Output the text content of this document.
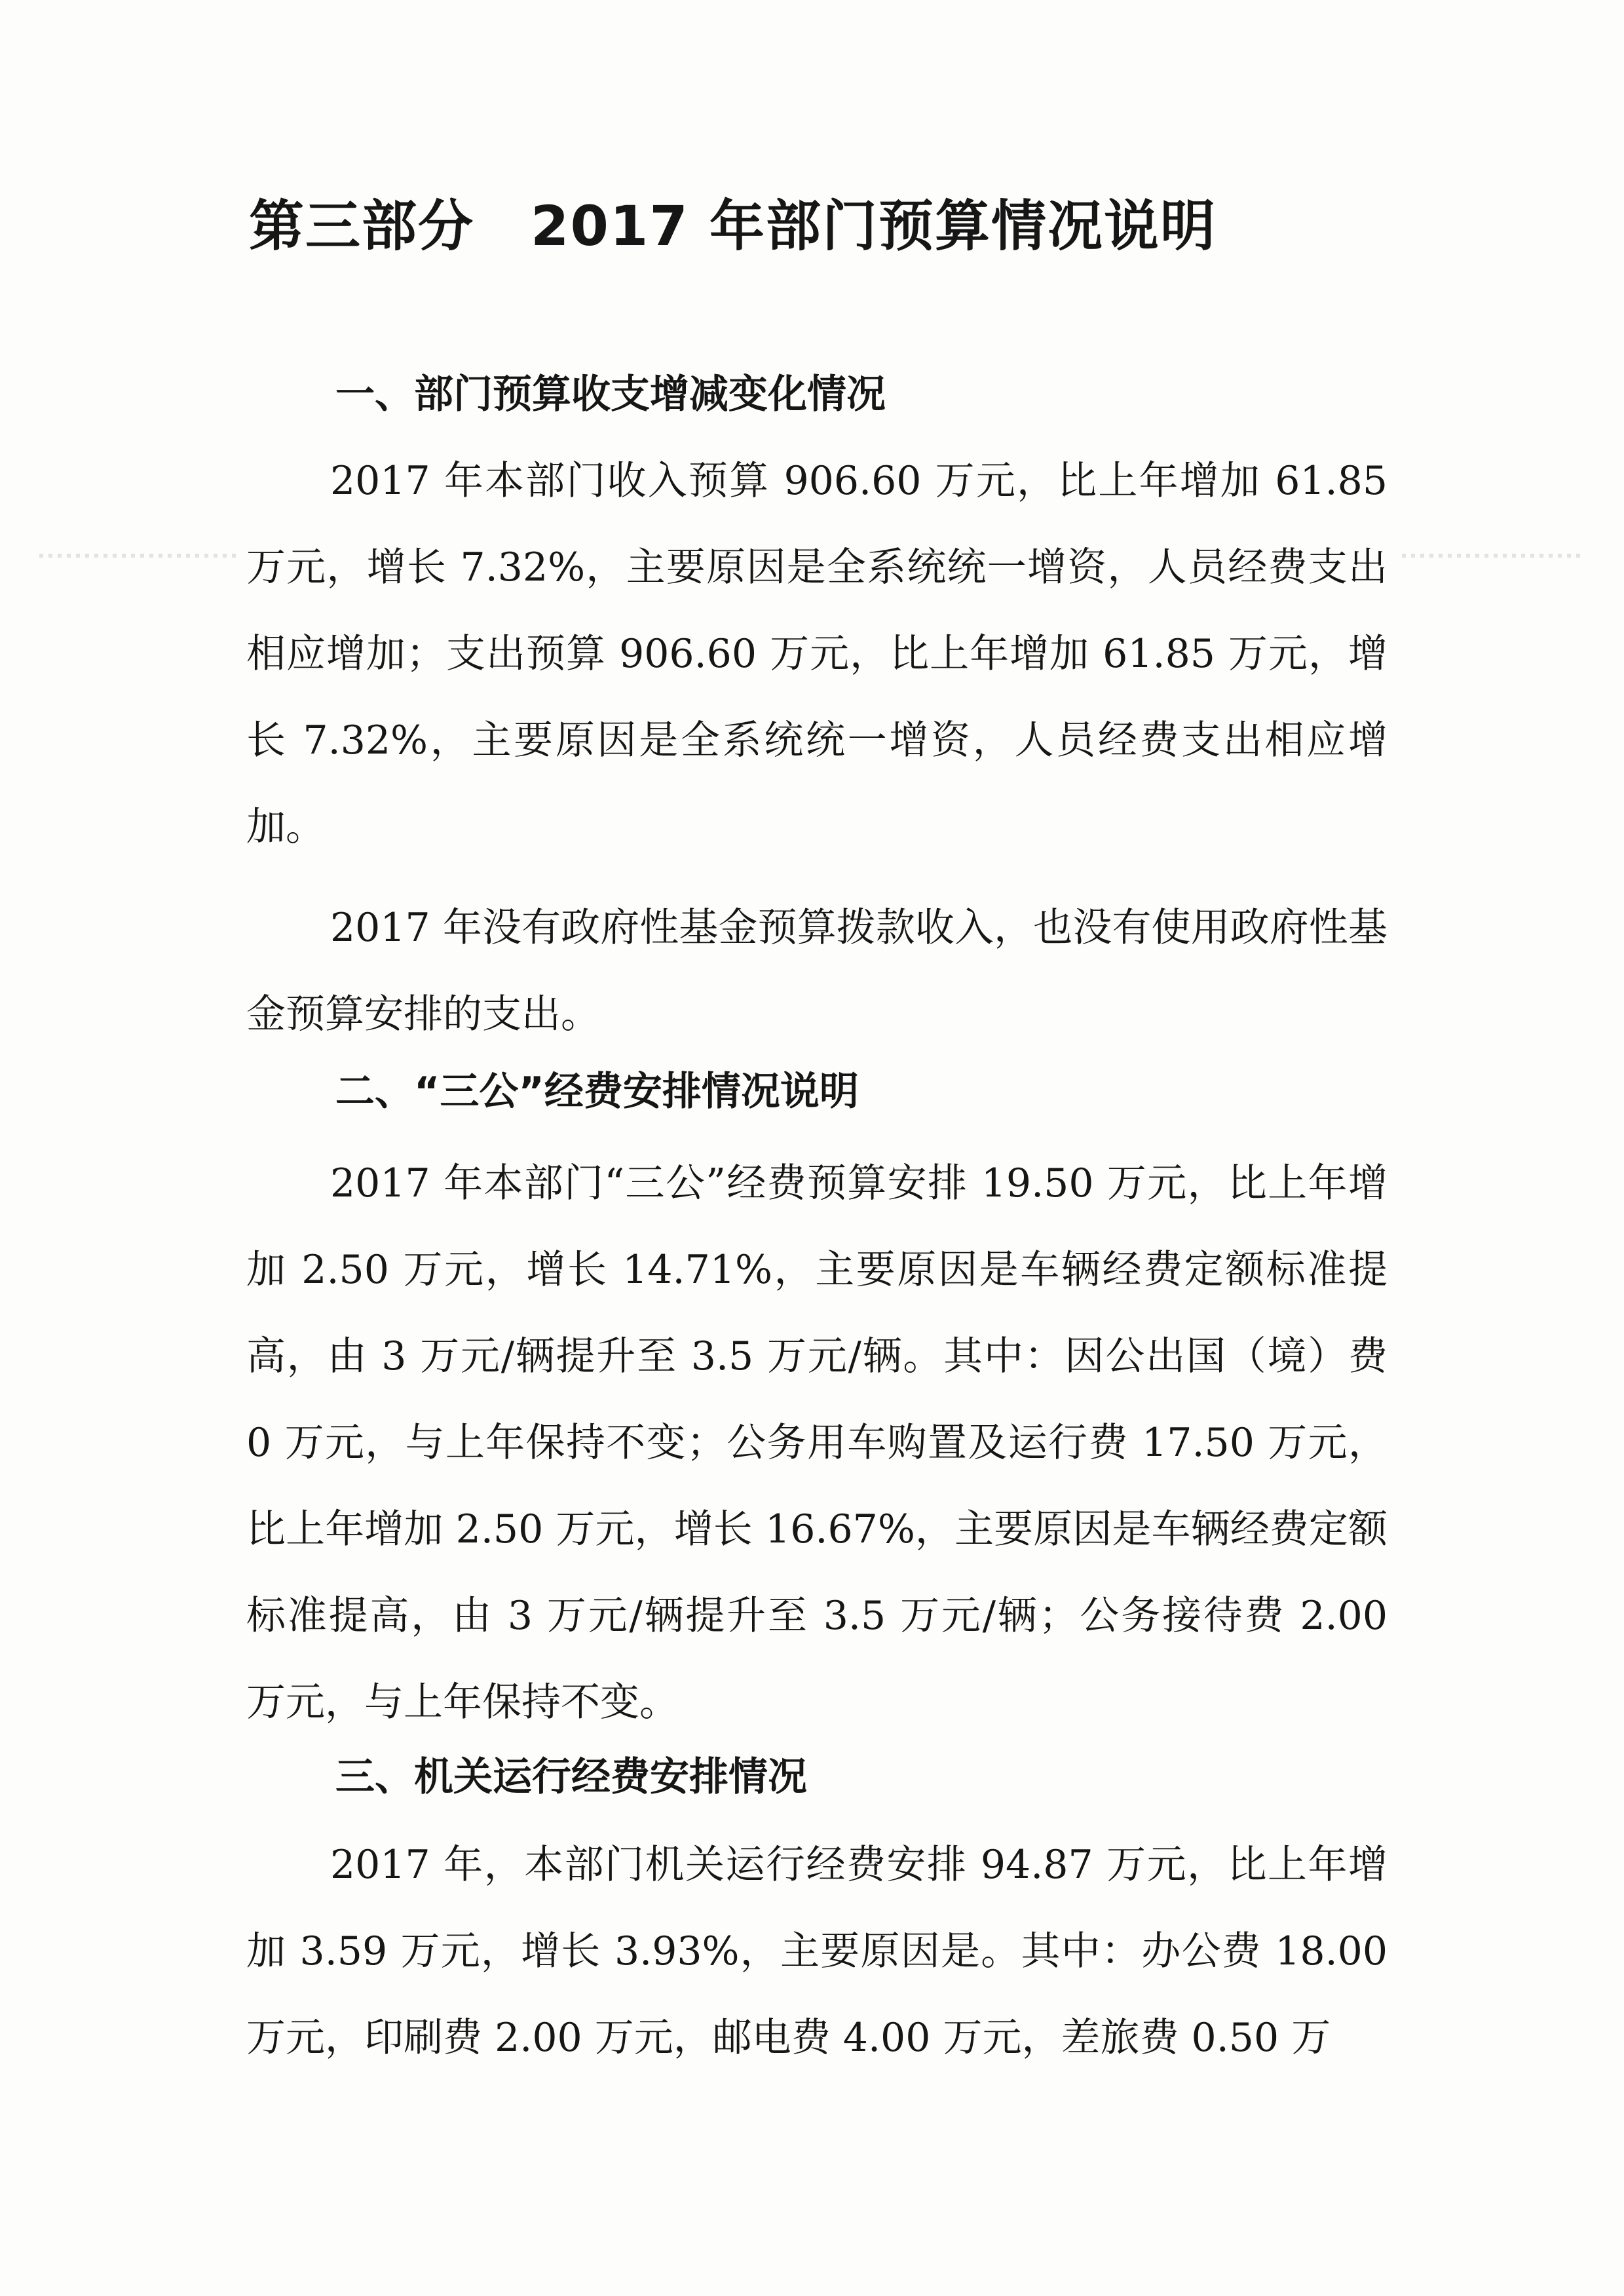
第三部分　2017 年部门预算情况说明
一、部门预算收支增减变化情况

2017 年本部门收入预算 906.60 万元，比上年增加 61.85 万元，增长 7.32%，主要原因是全系统统一增资，人员经费支出相应增加；支出预算 906.60 万元，比上年增加 61.85 万元，增长 7.32%，主要原因是全系统统一增资，人员经费支出相应增加。

2017 年没有政府性基金预算拨款收入，也没有使用政府性基金预算安排的支出。

二、“三公”经费安排情况说明

2017 年本部门“三公”经费预算安排 19.50 万元，比上年增加 2.50 万元，增长 14.71%，主要原因是车辆经费定额标准提高，由 3 万元/辆提升至 3.5 万元/辆。其中：因公出国（境）费 0 万元，与上年保持不变；公务用车购置及运行费 17.50 万元，比上年增加 2.50 万元，增长 16.67%，主要原因是车辆经费定额标准提高，由 3 万元/辆提升至 3.5 万元/辆；公务接待费 2.00 万元，与上年保持不变。

三、机关运行经费安排情况

2017 年，本部门机关运行经费安排 94.87 万元，比上年增加 3.59 万元，增长 3.93%，主要原因是。其中：办公费 18.00 万元，印刷费 2.00 万元，邮电费 4.00 万元，差旅费 0.50 万
